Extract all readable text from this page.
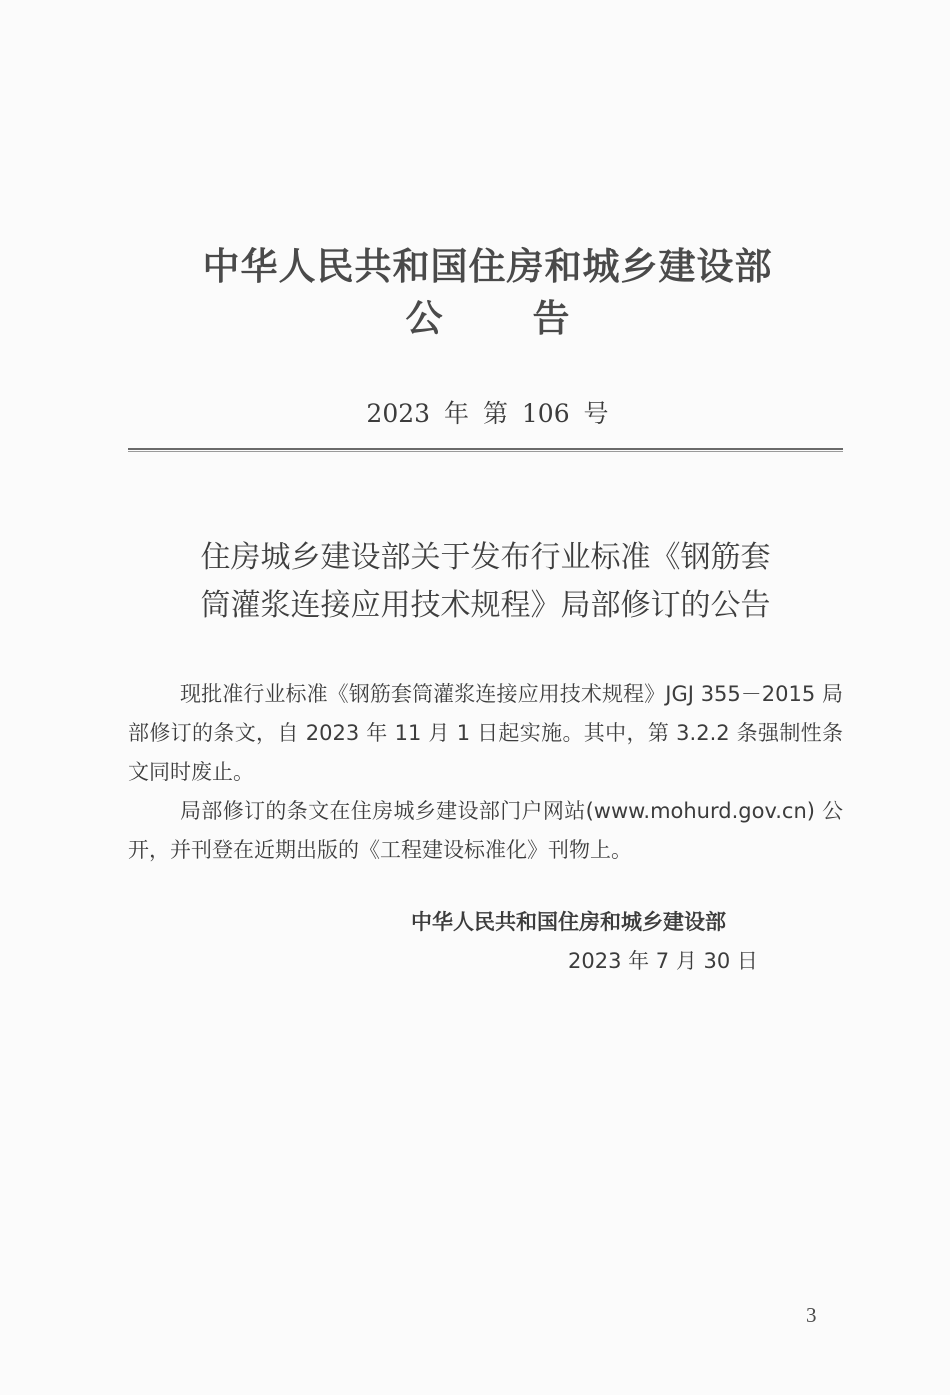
中华人民共和国住房和城乡建设部
公告
2023 年 第 106 号
住房城乡建设部关于发布行业标准《钢筋套
筒灌浆连接应用技术规程》局部修订的公告

现批准行业标准《钢筋套筒灌浆连接应用技术规程》JGJ 355－2015 局部修订的条文，自 2023 年 11 月 1 日起实施。其中，第 3.2.2 条强制性条文同时废止。

局部修订的条文在住房城乡建设部门户网站(www.mohurd.gov.cn) 公开，并刊登在近期出版的《工程建设标准化》刊物上。

中华人民共和国住房和城乡建设部
2023 年 7 月 30 日
3
